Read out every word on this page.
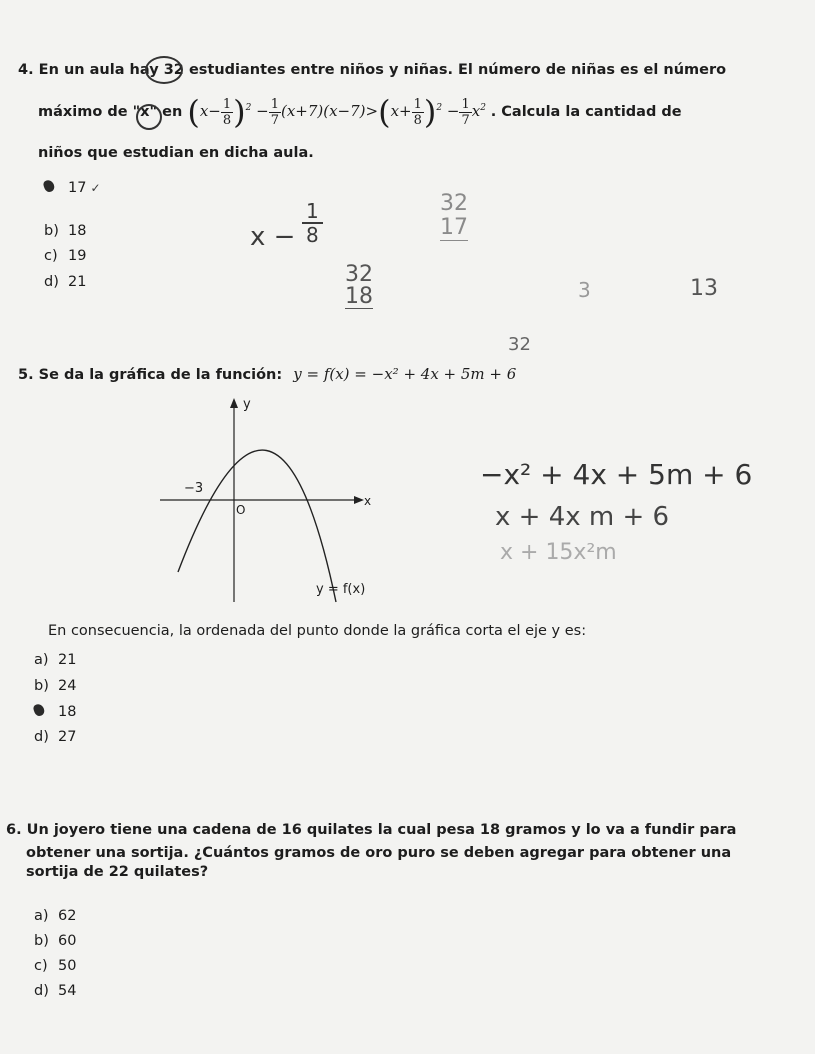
4. En un aula hay 32 estudiantes entre niños y niñas. El número de niñas es el número
máximo de "x" en $(x- \frac{1}{8} )^2 - \frac{1}{7} (x+7)(x-7)>(x+ \frac{1}{8} )^2 - \frac{1}{7} x^2$ . Calcula la cantidad de
niños que estudian en dicha aula.
17 ✓
b) 18
c) 19
d) 21
x −
1
8
32
17
32
18	3	13
32
5. Se da la gráfica de la función: y = f(x) = −x² + 4x + 5m + 6
y
x
−3
O
y = f(x)
−x² + 4x + 5m + 6
x + 4x m + 6
x + 15x²m
En consecuencia, la ordenada del punto donde la gráfica corta el eje y es:
a) 21
b) 24
18
d) 27
6. Un joyero tiene una cadena de 16 quilates la cual pesa 18 gramos y lo va a fundir para
obtener una sortija. ¿Cuántos gramos de oro puro se deben agregar para obtener una
sortija de 22 quilates?
a) 62
b) 60
c) 50
d) 54
